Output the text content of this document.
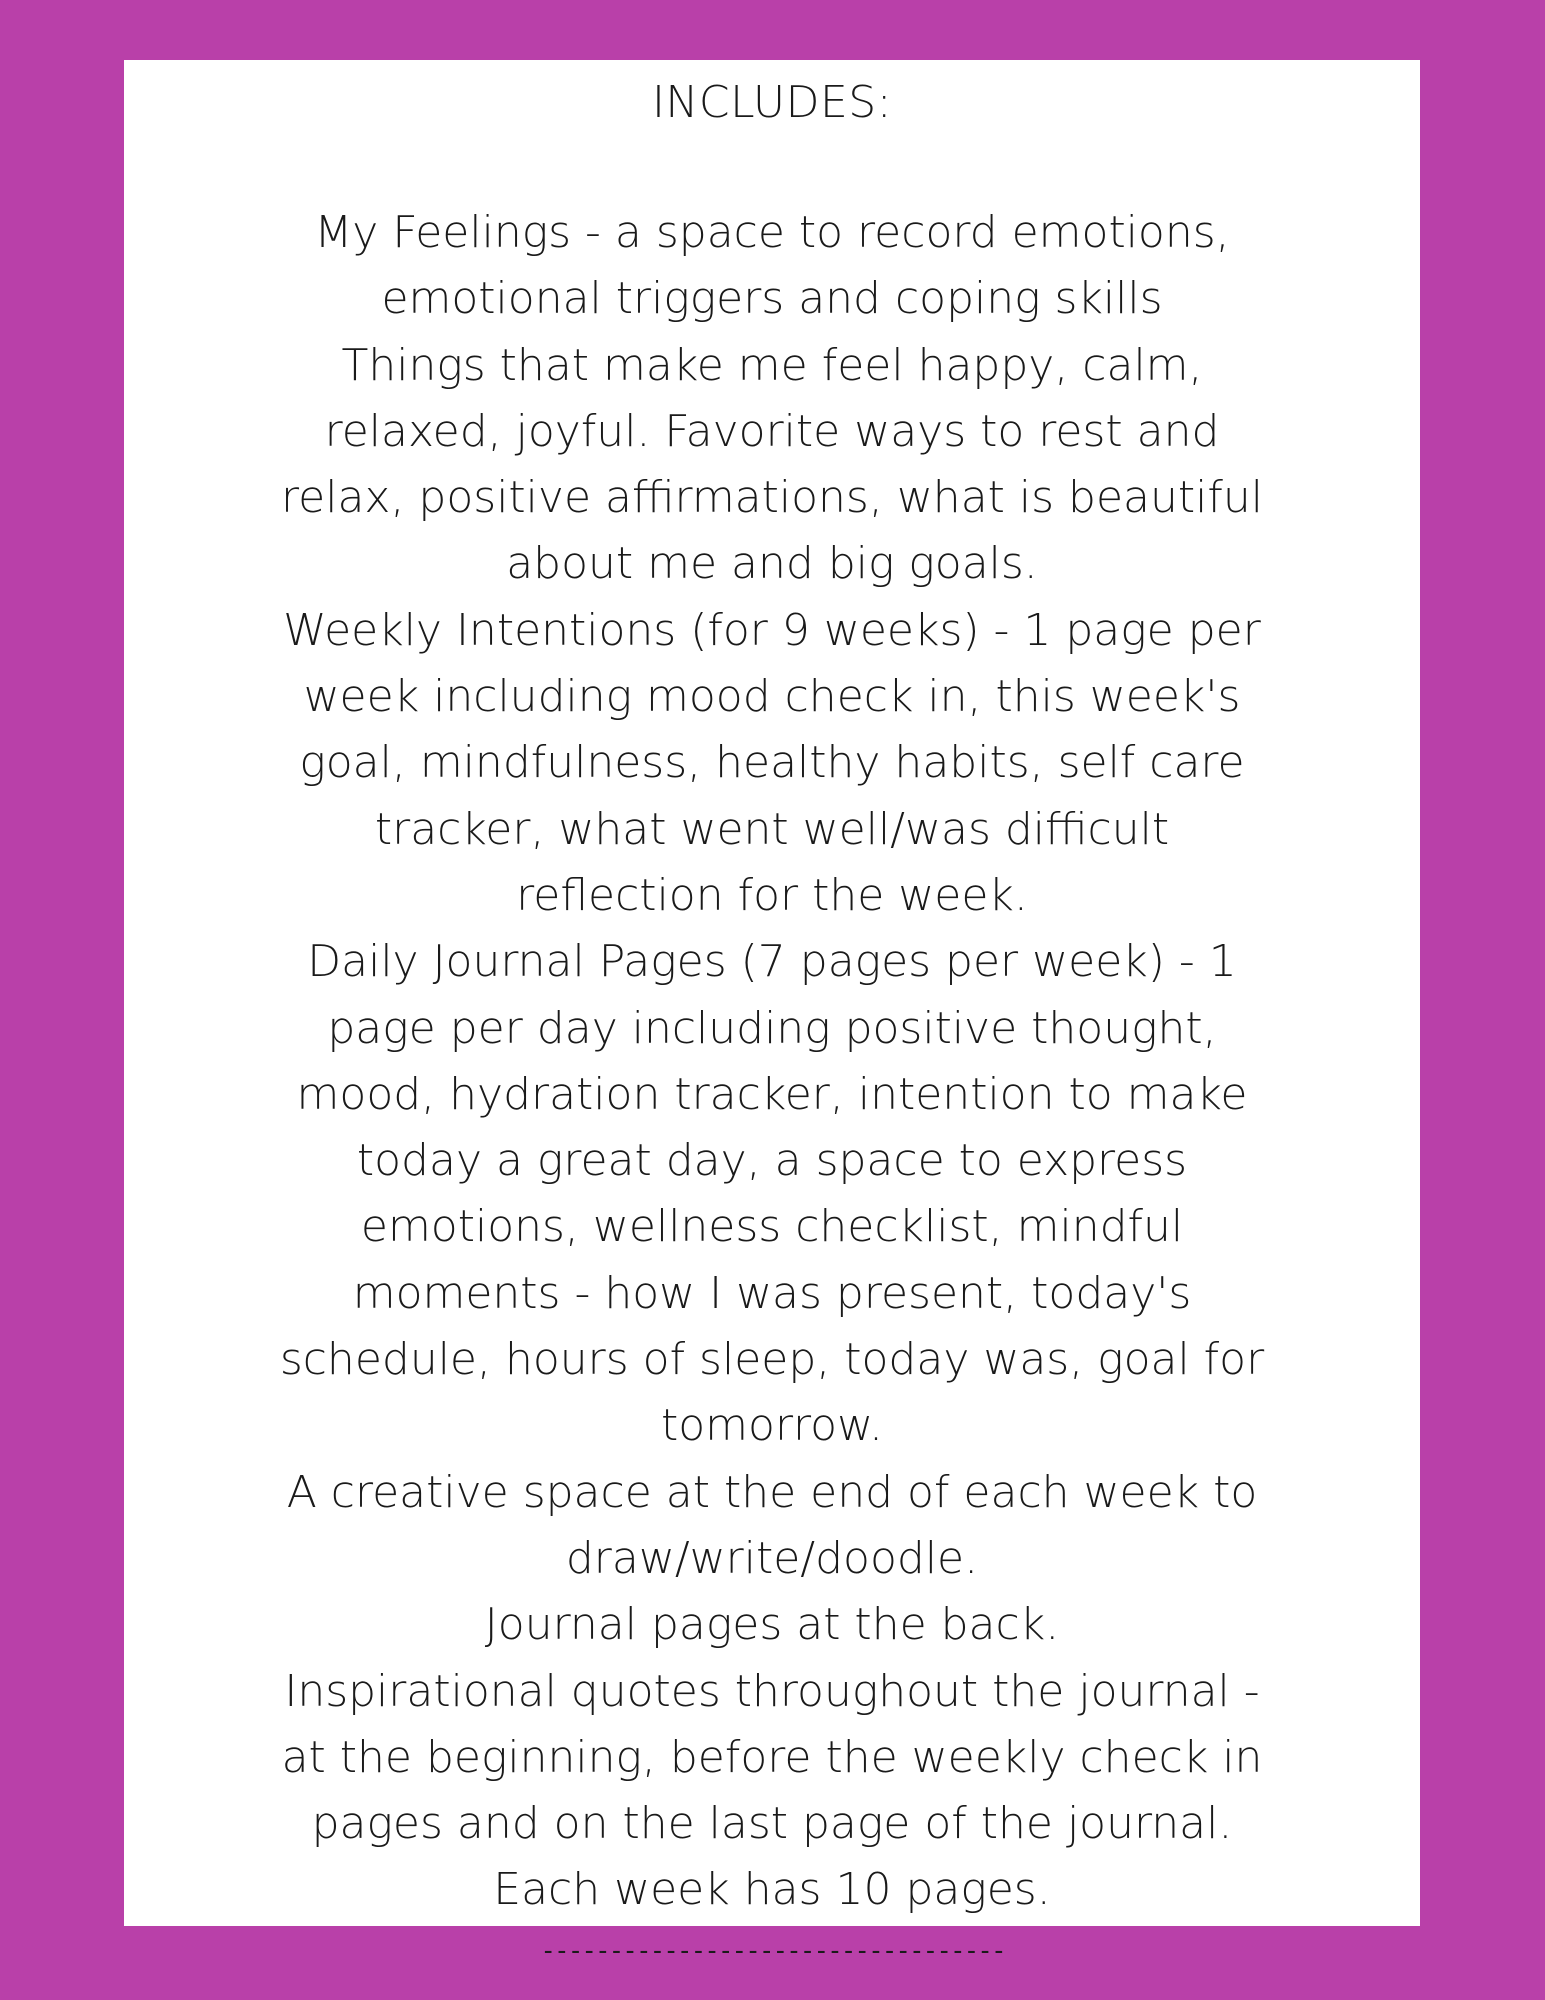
INCLUDES:
My Feelings - a space to record emotions,
emotional triggers and coping skills
Things that make me feel happy, calm,
relaxed, joyful. Favorite ways to rest and
relax, positive affirmations, what is beautiful
about me and big goals.
Weekly Intentions (for 9 weeks) - 1 page per
week including mood check in, this week's
goal, mindfulness, healthy habits, self care
tracker, what went well/was difficult
reflection for the week.
Daily Journal Pages (7 pages per week) - 1
page per day including positive thought,
mood, hydration tracker, intention to make
today a great day, a space to express
emotions, wellness checklist, mindful
moments - how I was present, today's
schedule, hours of sleep, today was, goal for
tomorrow.
A creative space at the end of each week to
draw/write/doodle.
Journal pages at the back.
Inspirational quotes throughout the journal -
at the beginning, before the weekly check in
pages and on the last page of the journal.
Each week has 10 pages.
----------------------------------
